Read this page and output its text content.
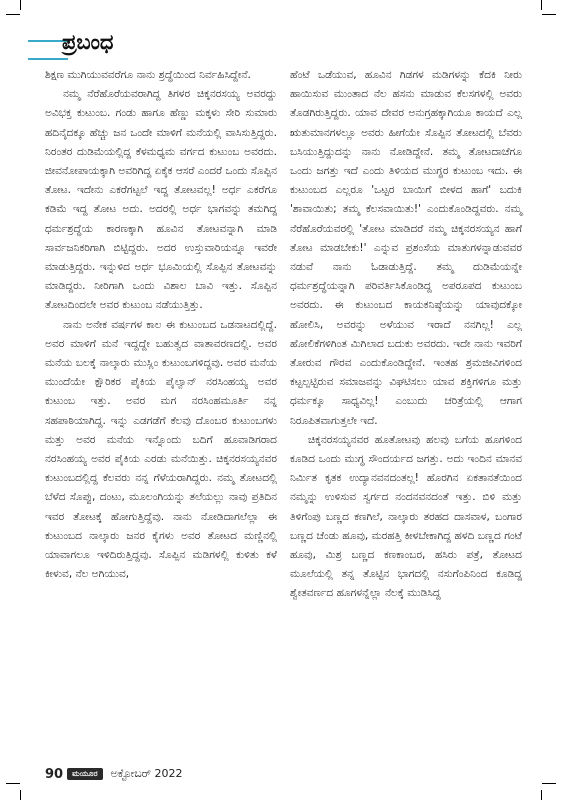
ಪ್ರಬಂಧ

ಶಿಕ್ಷಣ ಮುಗಿಯುವವರೆಗೂ ನಾನು ಶ್ರದ್ಧೆಯಿಂದ ನಿರ್ವಹಿಸಿದ್ದೇನೆ.

ನಮ್ಮ ನೆರೆಹೊರೆಯವರಾಗಿದ್ದ ತಿಗಳರ ಚಿಕ್ಕನರಸಯ್ಯ ಅವರದ್ದು ಅವಿಭಕ್ತ ಕುಟುಂಬ. ಗಂಡು ಹಾಗೂ ಹೆಣ್ಣು ಮಕ್ಕಳು ಸೇರಿ ಸುಮಾರು ಹದಿನೈದಕ್ಕೂ ಹೆಚ್ಚು ಜನ ಒಂದೇ ಮಾಳಿಗೆ ಮನೆಯಲ್ಲಿ ವಾಸಿಸುತ್ತಿದ್ದರು. ನಿರಂತರ ದುಡಿಮೆಯಲ್ಲಿದ್ದ ಕೆಳಮಧ್ಯಮ ವರ್ಗದ ಕುಟುಂಬ ಅವರದು. ಜೀವನೋಪಾಯಕ್ಕಾಗಿ ಅವರಿಗಿದ್ದ ಏಕೈಕ ಆಸರೆ ಎಂದರೆ ಒಂದು ಸೊಪ್ಪಿನ ತೋಟ. ಇದೇನು ಎಕರೆಗಟ್ಟಲೆ ಇದ್ದ ತೋಟವಲ್ಲ! ಅರ್ಧ ಎಕರೆಗೂ ಕಡಿಮೆ ಇದ್ದ ತೋಟ ಅದು. ಅದರಲ್ಲಿ ಅರ್ಧ ಭಾಗವನ್ನು ತಮಗಿದ್ದ ಧರ್ಮಶ್ರದ್ಧೆಯ ಕಾರಣಕ್ಕಾಗಿ ಹೂವಿನ ತೋಟವನ್ನಾಗಿ ಮಾಡಿ ಸಾರ್ವಜನಿಕರಿಗಾಗಿ ಬಿಟ್ಟಿದ್ದರು. ಅದರ ಉಸ್ತುವಾರಿಯನ್ನೂ ಇವರೇ ಮಾಡುತ್ತಿದ್ದರು. ಇನ್ನುಳಿದ ಅರ್ಧ ಭೂಮಿಯಲ್ಲಿ ಸೊಪ್ಪಿನ ತೋಟವನ್ನು ಮಾಡಿದ್ದರು. ನೀರಿಗಾಗಿ ಒಂದು ವಿಶಾಲ ಬಾವಿ ಇತ್ತು. ಸೊಪ್ಪಿನ ತೋಟದಿಂದಲೇ ಅವರ ಕುಟುಂಬ ನಡೆಯುತ್ತಿತ್ತು.

ನಾನು ಅನೇಕ ವರ್ಷಗಳ ಕಾಲ ಈ ಕುಟುಂಬದ ಒಡನಾಟದಲ್ಲಿದ್ದೆ. ಅವರ ಮಾಳಿಗೆ ಮನೆ ಇದ್ದದ್ದೇ ಬಹುತ್ವದ ವಾತಾವರಣದಲ್ಲಿ. ಅವರ ಮನೆಯ ಬಲಕ್ಕೆ ನಾಲ್ಕಾರು ಮುಸ್ಲಿಂ ಕುಟುಂಬಗಳಿದ್ದವು. ಅವರ ಮನೆಯ ಮುಂದೆಯೇ ಕ್ಷೌರಿಕರ ಪೈಕಿಯ ಪೈಲ್ವಾನ್ ನರಸಿಂಹಯ್ಯ ಅವರ ಕುಟುಂಬ ಇತ್ತು. ಅವರ ಮಗ ನರಸಿಂಹಮೂರ್ತಿ ನನ್ನ ಸಹಪಾಠಿಯಾಗಿದ್ದ. ಇನ್ನು ಎಡಗಡೆಗೆ ಕೆಲವು ದೊಂಬರ ಕುಟುಂಬಗಳು ಮತ್ತು ಅವರ ಮನೆಯ ಇನ್ನೊಂದು ಬದಿಗೆ ಹೂವಾಡಿಗರಾದ ನರಸಿಂಹಯ್ಯ ಅವರ ಪೈಕಿಯ ಎರಡು ಮನೆಯಿತ್ತು. ಚಿಕ್ಕನರಸಯ್ಯನವರ ಕುಟುಂಬದಲ್ಲಿದ್ದ ಕೆಲವರು ನನ್ನ ಗೆಳೆಯರಾಗಿದ್ದರು. ನಮ್ಮ ತೋಟದಲ್ಲಿ ಬೆಳೆದ ಸೊಪ್ಪು, ದಂಟು, ಮೂಲಂಗಿಯನ್ನು ತಲೆಯಲ್ಲು ನಾವು ಪ್ರತಿದಿನ ಇವರ ತೋಟಕ್ಕೆ ಹೋಗುತ್ತಿದ್ದೆವು. ನಾನು ನೋಡಿದಾಗಲೆಲ್ಲಾ ಈ ಕುಟುಂಬದ ನಾಲ್ಕಾರು ಜನರ ಕೈಗಳು ಅವರ ತೋಟದ ಮಣ್ಣಿನಲ್ಲಿ ಯಾವಾಗಲೂ ಇಳಿದಿರುತ್ತಿದ್ದವು. ಸೊಪ್ಪಿನ ಮಡಿಗಳಲ್ಲಿ ಕುಳಿತು ಕಳೆ ಕೀಳುವ, ನೆಲ ಅಗಿಯುವ,

ಹೆಂಟೆ ಒಡೆಯುವ, ಹೂವಿನ ಗಿಡಗಳ ಮಡಿಗಳನ್ನು ಕೆದಕಿ ನೀರು ಹಾಯಿಸುವ ಮುಂತಾದ ನೆಲ ಹಸನು ಮಾಡುವ ಕೆಲಸಗಳಲ್ಲಿ ಅವರು ತೊಡಗಿರುತ್ತಿದ್ದರು. ಯಾವ ದೇವರ ಅನುಗ್ರಹಕ್ಕಾಗಿಯೂ ಕಾಯದೆ ಎಲ್ಲ ಋತುಮಾನಗಳಲ್ಲೂ ಅವರು ಹೀಗೆಯೇ ಸೊಪ್ಪಿನ ತೋಟದಲ್ಲಿ ಬೆವರು ಬಸಿಯುತ್ತಿದ್ದುದನ್ನು ನಾನು ನೋಡಿದ್ದೇನೆ. ತಮ್ಮ ತೋಟದಾಚೆಗೂ ಒಂದು ಜಗತ್ತು ಇದೆ ಎಂದು ತಿಳಿಯದ ಮುಗ್ಧರ ಕುಟುಂಬ ಇದು. ಈ ಕುಟುಂಬದ ಎಲ್ಲರೂ 'ಒಟ್ಟರ ಬಾಯಿಗೆ ಬೀಳದ ಹಾಗೆ' ಬದುಕಿ 'ಶಾವಾಯಿತು; ತಮ್ಮ ಕೆಲಸವಾಯಿತು!' ಎಂದುಕೊಂಡಿದ್ದವರು. ನಮ್ಮ ನೆರೆಹೊರೆಯವರಲ್ಲಿ 'ತೋಟ ಮಾಡಿದರೆ ನಮ್ಮ ಚಿಕ್ಕನರಸಯ್ಯನ ಹಾಗೆ ತೋಟ ಮಾಡಬೇಕು!' ಎನ್ನುವ ಪ್ರಶಂಸೆಯ ಮಾತುಗಳನ್ನಾಡುವವರ ನಡುವೆ ನಾನು ಓಡಾಡುತ್ತಿದ್ದೆ. ತಮ್ಮ ದುಡಿಮೆಯನ್ನೇ ಧರ್ಮಶ್ರದ್ಧೆಯನ್ನಾಗಿ ಪರಿವರ್ತಿಸಿಕೊಂಡಿದ್ದ ಅಪರೂಪದ ಕುಟುಂಬ ಅವರದು. ಈ ಕುಟುಂಬದ ಕಾಯಕನಿಷ್ಠೆಯನ್ನು ಯಾವುದಕ್ಕೋ ಹೋಲಿಸಿ, ಅವರನ್ನು ಅಳೆಯುವ ಇರಾದೆ ನನಗಿಲ್ಲ! ಎಲ್ಲ ಹೋಲಿಕೆಗಳಿಗಿಂತ ಮಿಗಿಲಾದ ಬದುಕು ಅವರದು. ಇದೇ ನಾನು ಇವರಿಗೆ ತೋರುವ ಗೌರವ ಎಂದುಕೊಂಡಿದ್ದೇನೆ. ಇಂತಹ ಶ್ರಮಜೀವಿಗಳಿಂದ ಕಟ್ಟಲ್ಪಟ್ಟಿರುವ ಸಮಾಜವನ್ನು ವಿಘಟಿಸಲು ಯಾವ ಶಕ್ತಿಗಳಿಗೂ ಮತ್ತು ಧರ್ಮಕ್ಕೂ ಸಾಧ್ಯವಿಲ್ಲ! ಎಂಬುದು ಚರಿತ್ರೆಯಲ್ಲಿ ಆಗಾಗ ನಿರೂಪಿತವಾಗುತ್ತಲೇ ಇದೆ.

ಚಿಕ್ಕನರಸಯ್ಯನವರ ಹೂತೋಟವು ಹಲವು ಬಗೆಯ ಹೂಗಳಿಂದ ಕೂಡಿದ ಒಂದು ಮುಗ್ಧ ಸೌಂದರ್ಯದ ಜಗತ್ತು. ಅದು ಇಂದಿನ ಮಾನವ ನಿರ್ಮಿತ ಕೃತಕ ಉದ್ಯಾನವನದಂತಲ್ಲ! ಹೊರಗಿನ ಏಕತಾನತೆಯಿಂದ ನಮ್ಮನ್ನು ಉಳಿಸುವ ಸ್ವರ್ಗದ ನಂದನವನದಂತೆ ಇತ್ತು. ಬಿಳಿ ಮತ್ತು ತಿಳಿಗೆಂಪು ಬಣ್ಣದ ಕಣಗಿಲೆ, ನಾಲ್ಕಾರು ತರಹದ ದಾಸವಾಳ, ಬಂಗಾರ ಬಣ್ಣದ ಚೆಂಡು ಹೂವು, ಮರಹತ್ತಿ ಕೀಳಬೇಕಾಗಿದ್ದ ಹಳದಿ ಬಣ್ಣದ ಗಂಟೆ ಹೂವು, ಮಿಶ್ರ ಬಣ್ಣದ ಕಣಕಾಂಬರ, ಹಸಿರು ಪತ್ರೆ, ತೋಟದ ಮೂಲೆಯಲ್ಲಿ ತನ್ನ ತೊಟ್ಟಿನ ಭಾಗದಲ್ಲಿ ನಸುಗೆಂಪಿನಿಂದ ಕೂಡಿದ್ದ ಶ್ವೇತವರ್ಣದ ಹೂಗಳನ್ನೆಲ್ಲಾ ನೆಲಕ್ಕೆ ಮುಡಿಸಿದ್ದ

90	ಮಯೂರ	ಅಕ್ಟೋಬರ್ 2022
